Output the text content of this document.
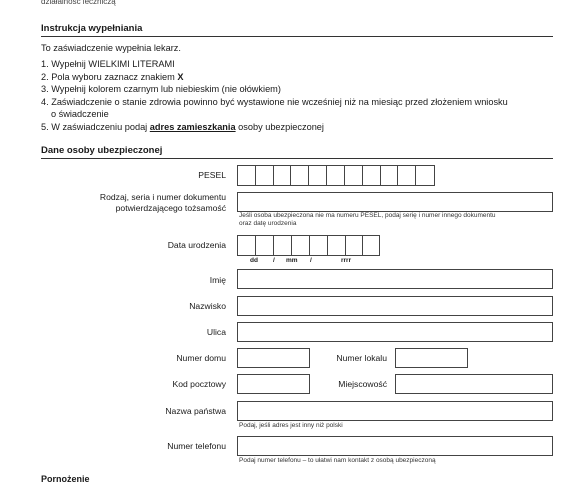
działalność leczniczą
Instrukcja wypełniania
To zaświadczenie wypełnia lekarz.
1. Wypełnij WIELKIMI LITERAMI
2. Pola wyboru zaznacz znakiem X
3. Wypełnij kolorem czarnym lub niebieskim (nie ołówkiem)
4. Zaświadczenie o stanie zdrowia powinno być wystawione nie wcześniej niż na miesiąc przed złożeniem wniosku
o świadczenie
5. W zaświadczeniu podaj adres zamieszkania osoby ubezpieczonej
Dane osoby ubezpieczonej
PESEL
Rodzaj, seria i numer dokumentu
potwierdzającego tożsamość
Jeśli osoba ubezpieczona nie ma numeru PESEL, podaj serię i numer innego dokumentu
oraz datę urodzenia
Data urodzenia
dd / mm /	rrrr
Imię
Nazwisko
Ulica
Numer domu	Numer lokalu
Kod pocztowy	Miejscowość
Nazwa państwa
Podaj, jeśli adres jest inny niż polski
Numer telefonu
Podaj numer telefonu – to ułatwi nam kontakt z osobą ubezpieczoną
Pornożenie
